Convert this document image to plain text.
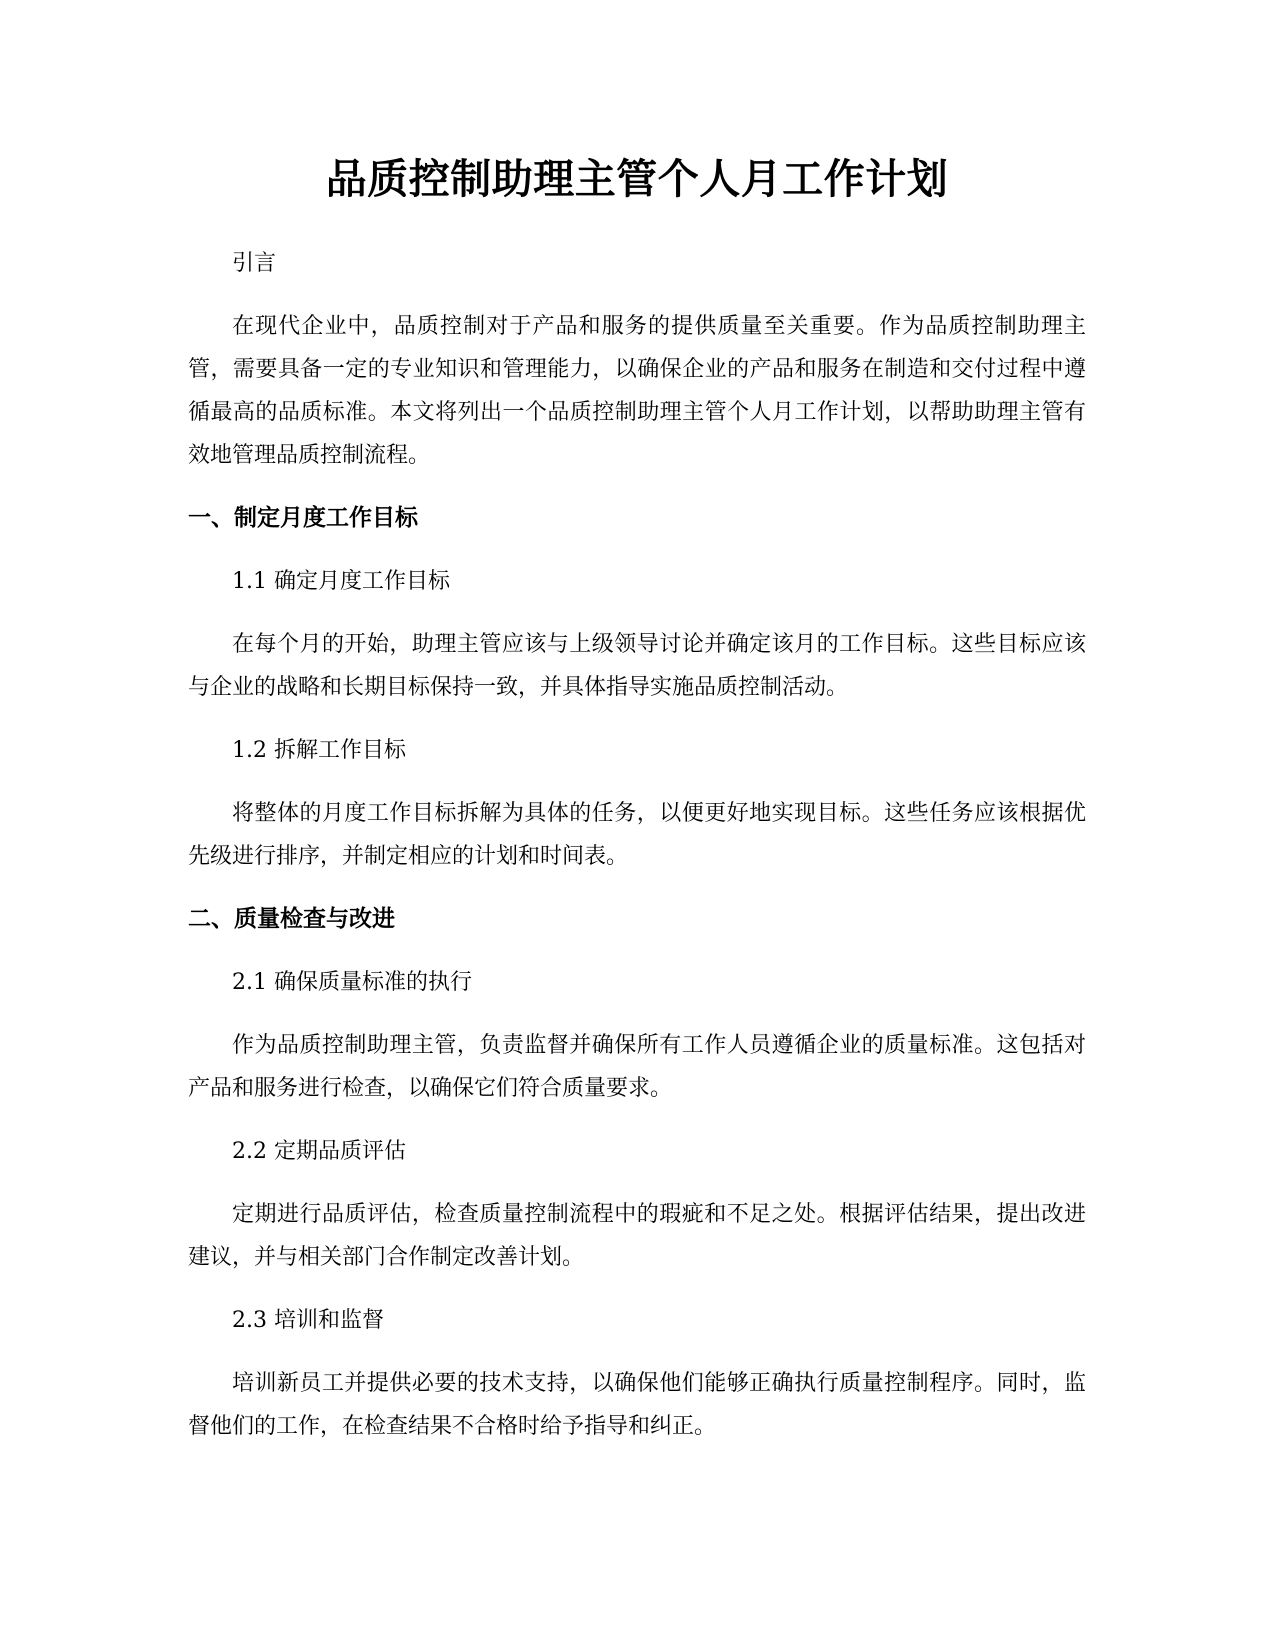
品质控制助理主管个人月工作计划

引言

在现代企业中，品质控制对于产品和服务的提供质量至关重要。作为品质控制助理主管，需要具备一定的专业知识和管理能力，以确保企业的产品和服务在制造和交付过程中遵循最高的品质标准。本文将列出一个品质控制助理主管个人月工作计划，以帮助助理主管有效地管理品质控制流程。

一、制定月度工作目标

1.1 确定月度工作目标

在每个月的开始，助理主管应该与上级领导讨论并确定该月的工作目标。这些目标应该与企业的战略和长期目标保持一致，并具体指导实施品质控制活动。

1.2 拆解工作目标

将整体的月度工作目标拆解为具体的任务，以便更好地实现目标。这些任务应该根据优先级进行排序，并制定相应的计划和时间表。

二、质量检查与改进

2.1 确保质量标准的执行

作为品质控制助理主管，负责监督并确保所有工作人员遵循企业的质量标准。这包括对产品和服务进行检查，以确保它们符合质量要求。

2.2 定期品质评估

定期进行品质评估，检查质量控制流程中的瑕疵和不足之处。根据评估结果，提出改进建议，并与相关部门合作制定改善计划。

2.3 培训和监督

培训新员工并提供必要的技术支持，以确保他们能够正确执行质量控制程序。同时，监督他们的工作，在检查结果不合格时给予指导和纠正。
